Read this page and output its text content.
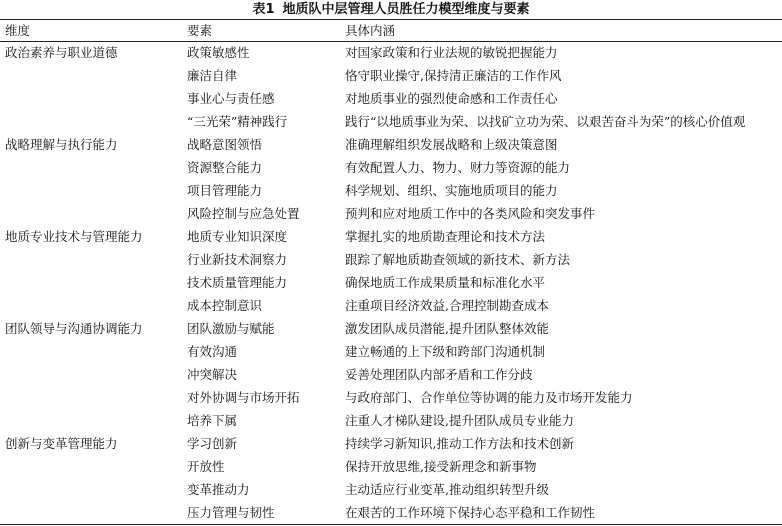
表1 地质队中层管理人员胜任力模型维度与要素
维度	要素	具体内涵
政治素养与职业道德	政策敏感性	对国家政策和行业法规的敏锐把握能力
	廉洁自律	恪守职业操守,保持清正廉洁的工作作风
	事业心与责任感	对地质事业的强烈使命感和工作责任心
	“三光荣”精神践行	践行“以地质事业为荣、以找矿立功为荣、以艰苦奋斗为荣”的核心价值观
战略理解与执行能力	战略意图领悟	准确理解组织发展战略和上级决策意图
	资源整合能力	有效配置人力、物力、财力等资源的能力
	项目管理能力	科学规划、组织、实施地质项目的能力
	风险控制与应急处置	预判和应对地质工作中的各类风险和突发事件
地质专业技术与管理能力	地质专业知识深度	掌握扎实的地质勘查理论和技术方法
	行业新技术洞察力	跟踪了解地质勘查领域的新技术、新方法
	技术质量管理能力	确保地质工作成果质量和标准化水平
	成本控制意识	注重项目经济效益,合理控制勘查成本
团队领导与沟通协调能力	团队激励与赋能	激发团队成员潜能,提升团队整体效能
	有效沟通	建立畅通的上下级和跨部门沟通机制
	冲突解决	妥善处理团队内部矛盾和工作分歧
	对外协调与市场开拓	与政府部门、合作单位等协调的能力及市场开发能力
	培养下属	注重人才梯队建设,提升团队成员专业能力
创新与变革管理能力	学习创新	持续学习新知识,推动工作方法和技术创新
	开放性	保持开放思维,接受新理念和新事物
	变革推动力	主动适应行业变革,推动组织转型升级
	压力管理与韧性	在艰苦的工作环境下保持心态平稳和工作韧性
